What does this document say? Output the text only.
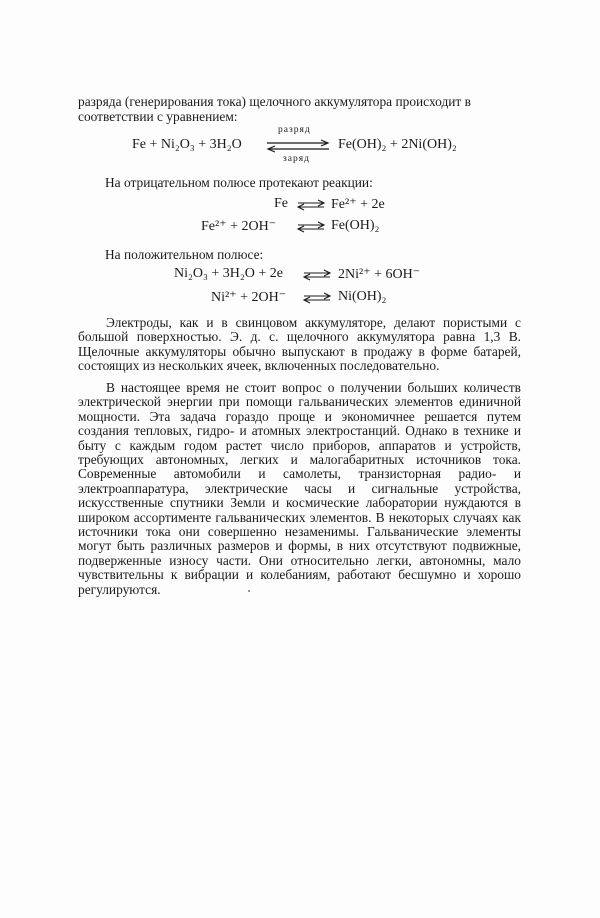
разряда (генерирования тока) щелочного аккумулятора происходит в
соответствии с уравнением:
Fe + Ni₂O₃ + 3H₂O
разряд
заряд
Fe(OH)₂ + 2Ni(OH)₂
На отрицательном полюсе протекают реакции:
Fe ⇌ Fe²⁺ + 2e
Fe²⁺ + 2OH⁻ ⇌ Fe(OH)₂
На положительном полюсе:
Ni₂O₃ + 3H₂O + 2e ⇌ 2Ni²⁺ + 6OH⁻
Ni²⁺ + 2OH⁻ ⇌ Ni(OH)₂
Электроды, как и в свинцовом аккумуляторе, делают пористыми с большой поверхностью. Э. д. с. щелочного аккумулятора равна 1,3 В. Щелочные аккумуляторы обычно выпускают в продажу в форме батарей, состоящих из нескольких ячеек, включенных последовательно.
В настоящее время не стоит вопрос о получении больших количеств электрической энергии при помощи гальванических элементов единичной мощности. Эта задача гораздо проще и экономичнее решается путем создания тепловых, гидро- и атомных электростанций. Однако в технике и быту с каждым годом растет число приборов, аппаратов и устройств, требующих автономных, легких и малогабаритных источников тока. Современные автомобили и самолеты, транзисторная радио- и электроаппаратура, электрические часы и сигнальные устройства, искусственные спутники Земли и космические лаборатории нуждаются в широком ассортименте гальванических элементов. В некоторых случаях как источники тока они совершенно незаменимы. Гальванические элементы могут быть различных размеров и формы, в них отсутствуют подвижные, подверженные износу части. Они относительно легки, автономны, мало чувствительны к вибрации и колебаниям, работают бесшумно и хорошо регулируются.
